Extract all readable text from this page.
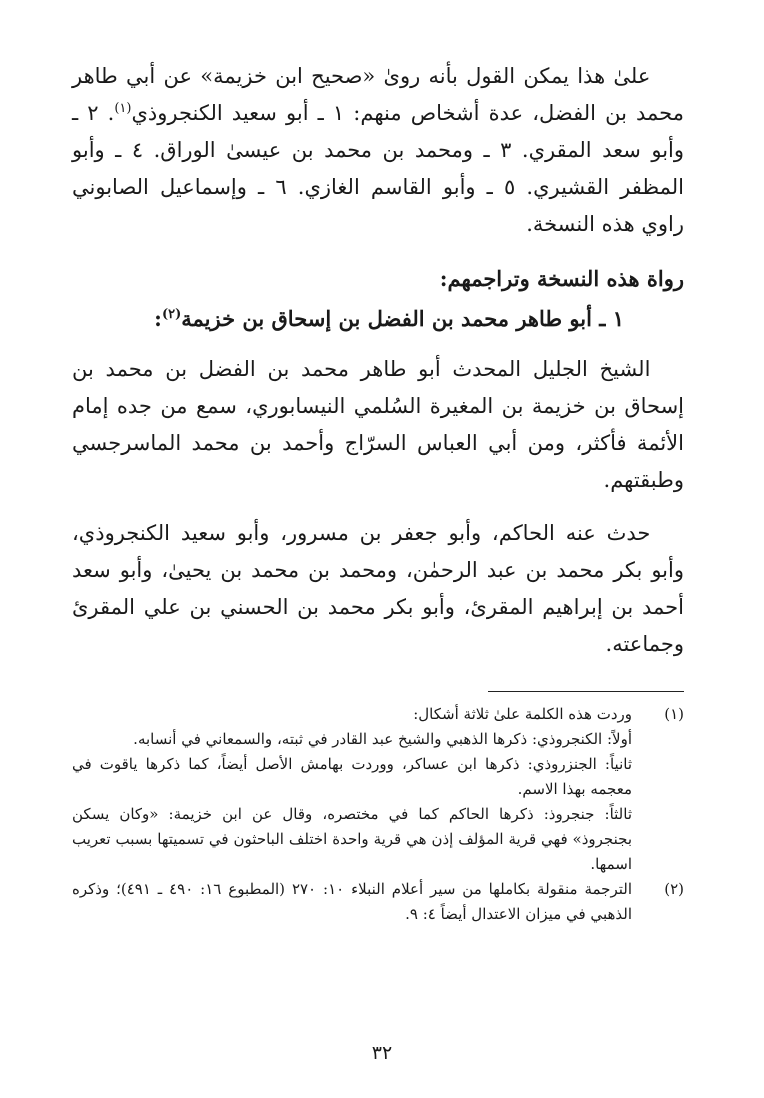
علىٰ هذا يمكن القول بأنه روىٰ «صحيح ابن خزيمة» عن أبي طاهر محمد بن الفضل، عدة أشخاص منهم: ١ ـ أبو سعيد الكنجروذي$^{(١)}$. ٢ ـ وأبو سعد المقري. ٣ ـ ومحمد بن محمد بن عيسىٰ الوراق. ٤ ـ وأبو المظفر القشيري. ٥ ـ وأبو القاسم الغازي. ٦ ـ وإسماعيل الصابوني راوي هذه النسخة.

رواة هذه النسخة وتراجمهم:
١ ـ أبو طاهر محمد بن الفضل بن إسحاق بن خزيمة$^{(٢)}$:

الشيخ الجليل المحدث أبو طاهر محمد بن الفضل بن محمد بن إسحاق بن خزيمة بن المغيرة السُلمي النيسابوري، سمع من جده إمام الأئمة فأكثر، ومن أبي العباس السرّاج وأحمد بن محمد الماسرجسي وطبقتهم.

حدث عنه الحاكم، وأبو جعفر بن مسرور، وأبو سعيد الكنجروذي، وأبو بكر محمد بن عبد الرحمٰن، ومحمد بن محمد بن يحيىٰ، وأبو سعد أحمد بن إبراهيم المقرئ، وأبو بكر محمد بن الحسني بن علي المقرئ وجماعته.

(١)

وردت هذه الكلمة علىٰ ثلاثة أشكال:

أولاً: الكنجروذي: ذكرها الذهبي والشيخ عبد القادر في ثبته، والسمعاني في أنسابه.

ثانياً: الجنزروذي: ذكرها ابن عساكر، ووردت بهامش الأصل أيضاً، كما ذكرها ياقوت في معجمه بهذا الاسم.

ثالثاً: جنجروذ: ذكرها الحاكم كما في مختصره، وقال عن ابن خزيمة: «وكان يسكن بجنجروذ» فهي قرية المؤلف إذن هي قرية واحدة اختلف الباحثون في تسميتها بسبب تعريب اسمها.

(٢)

الترجمة منقولة بكاملها من سير أعلام النبلاء ١٠: ٢٧٠ (المطبوع ١٦: ٤٩٠ ـ ٤٩١)؛ وذكره الذهبي في ميزان الاعتدال أيضاً ٤: ٩.

٣٢
